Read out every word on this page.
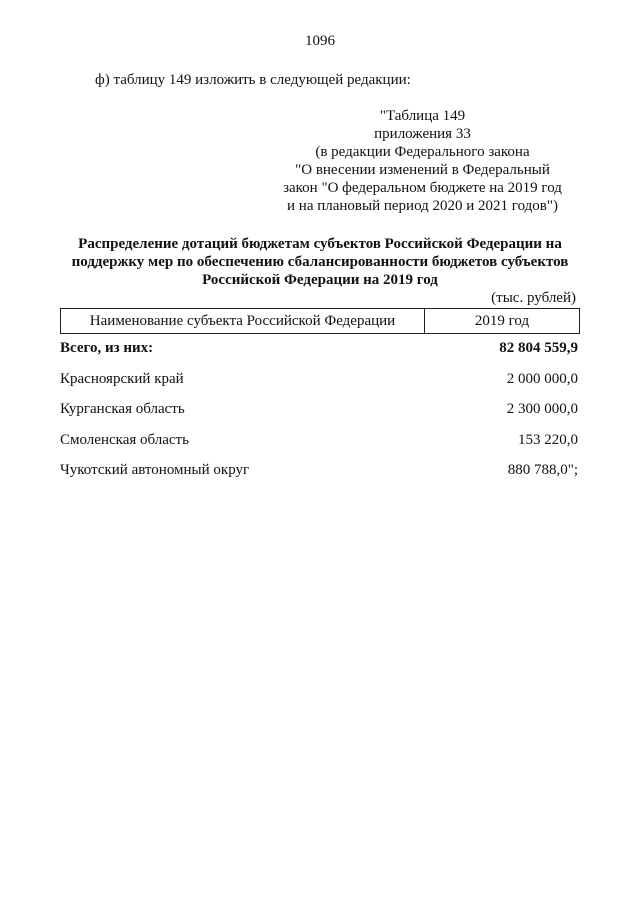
1096
ф) таблицу 149 изложить в следующей редакции:
"Таблица 149
приложения 33
(в редакции Федерального закона
"О внесении изменений в Федеральный
закон "О федеральном бюджете на 2019 год
и на плановый период 2020 и 2021 годов")
Распределение дотаций бюджетам субъектов Российской Федерации на
поддержку мер по обеспечению сбалансированности бюджетов субъектов
Российской Федерации на 2019 год
(тыс. рублей)
Наименование субъекта Российской Федерации	2019 год
Всего, из них:	82 804 559,9
Красноярский край	2 000 000,0
Курганская область	2 300 000,0
Смоленская область	153 220,0
Чукотский автономный округ	880 788,0";
